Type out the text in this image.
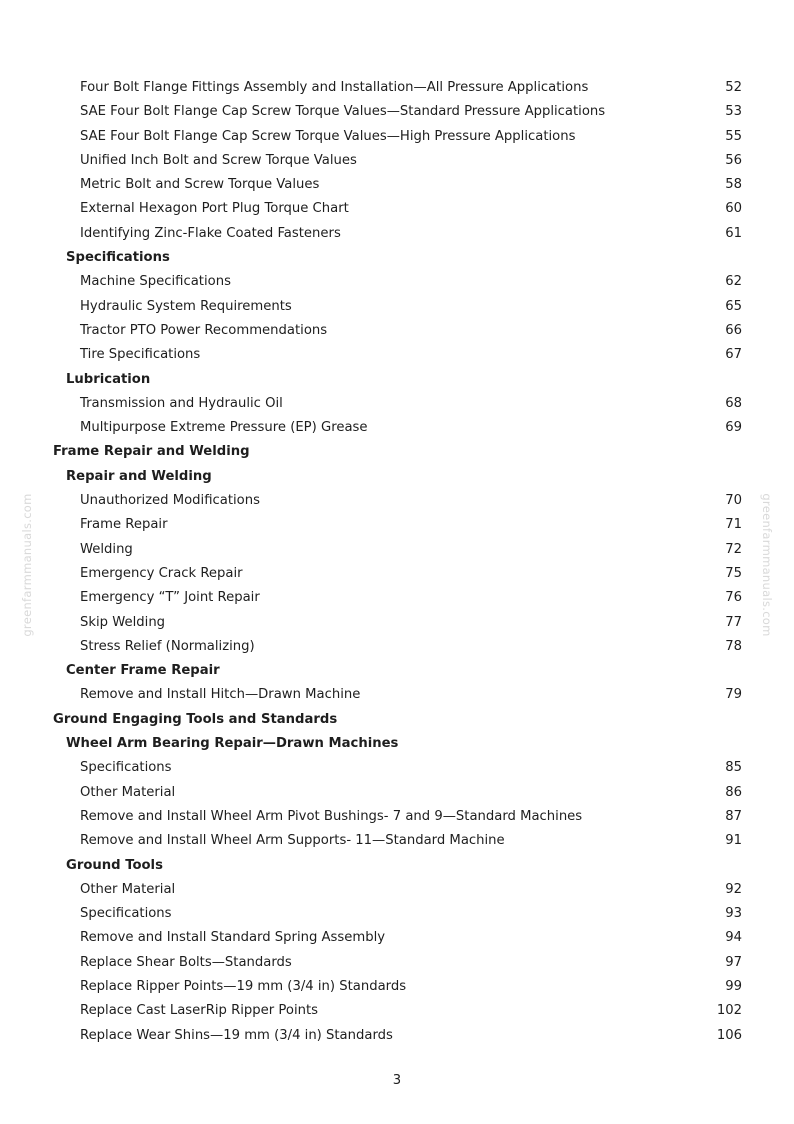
Four Bolt Flange Fittings Assembly and Installation—All Pressure Applications	52
SAE Four Bolt Flange Cap Screw Torque Values—Standard Pressure Applications	53
SAE Four Bolt Flange Cap Screw Torque Values—High Pressure Applications	55
Unified Inch Bolt and Screw Torque Values	56
Metric Bolt and Screw Torque Values	58
External Hexagon Port Plug Torque Chart	60
Identifying Zinc-Flake Coated Fasteners	61
Specifications
Machine Specifications	62
Hydraulic System Requirements	65
Tractor PTO Power Recommendations	66
Tire Specifications	67
Lubrication
Transmission and Hydraulic Oil	68
Multipurpose Extreme Pressure (EP) Grease	69
Frame Repair and Welding
Repair and Welding
Unauthorized Modifications	70
Frame Repair	71
Welding	72
Emergency Crack Repair	75
Emergency “T” Joint Repair	76
Skip Welding	77
Stress Relief (Normalizing)	78
Center Frame Repair
Remove and Install Hitch—Drawn Machine	79
Ground Engaging Tools and Standards
Wheel Arm Bearing Repair—Drawn Machines
Specifications	85
Other Material	86
Remove and Install Wheel Arm Pivot Bushings- 7 and 9—Standard Machines	87
Remove and Install Wheel Arm Supports- 11—Standard Machine	91
Ground Tools
Other Material	92
Specifications	93
Remove and Install Standard Spring Assembly	94
Replace Shear Bolts—Standards	97
Replace Ripper Points—19 mm (3/4 in) Standards	99
Replace Cast LaserRip Ripper Points	102
Replace Wear Shins—19 mm (3/4 in) Standards	106
greenfarmmanuals.com	greenfarmmanuals.com
3
